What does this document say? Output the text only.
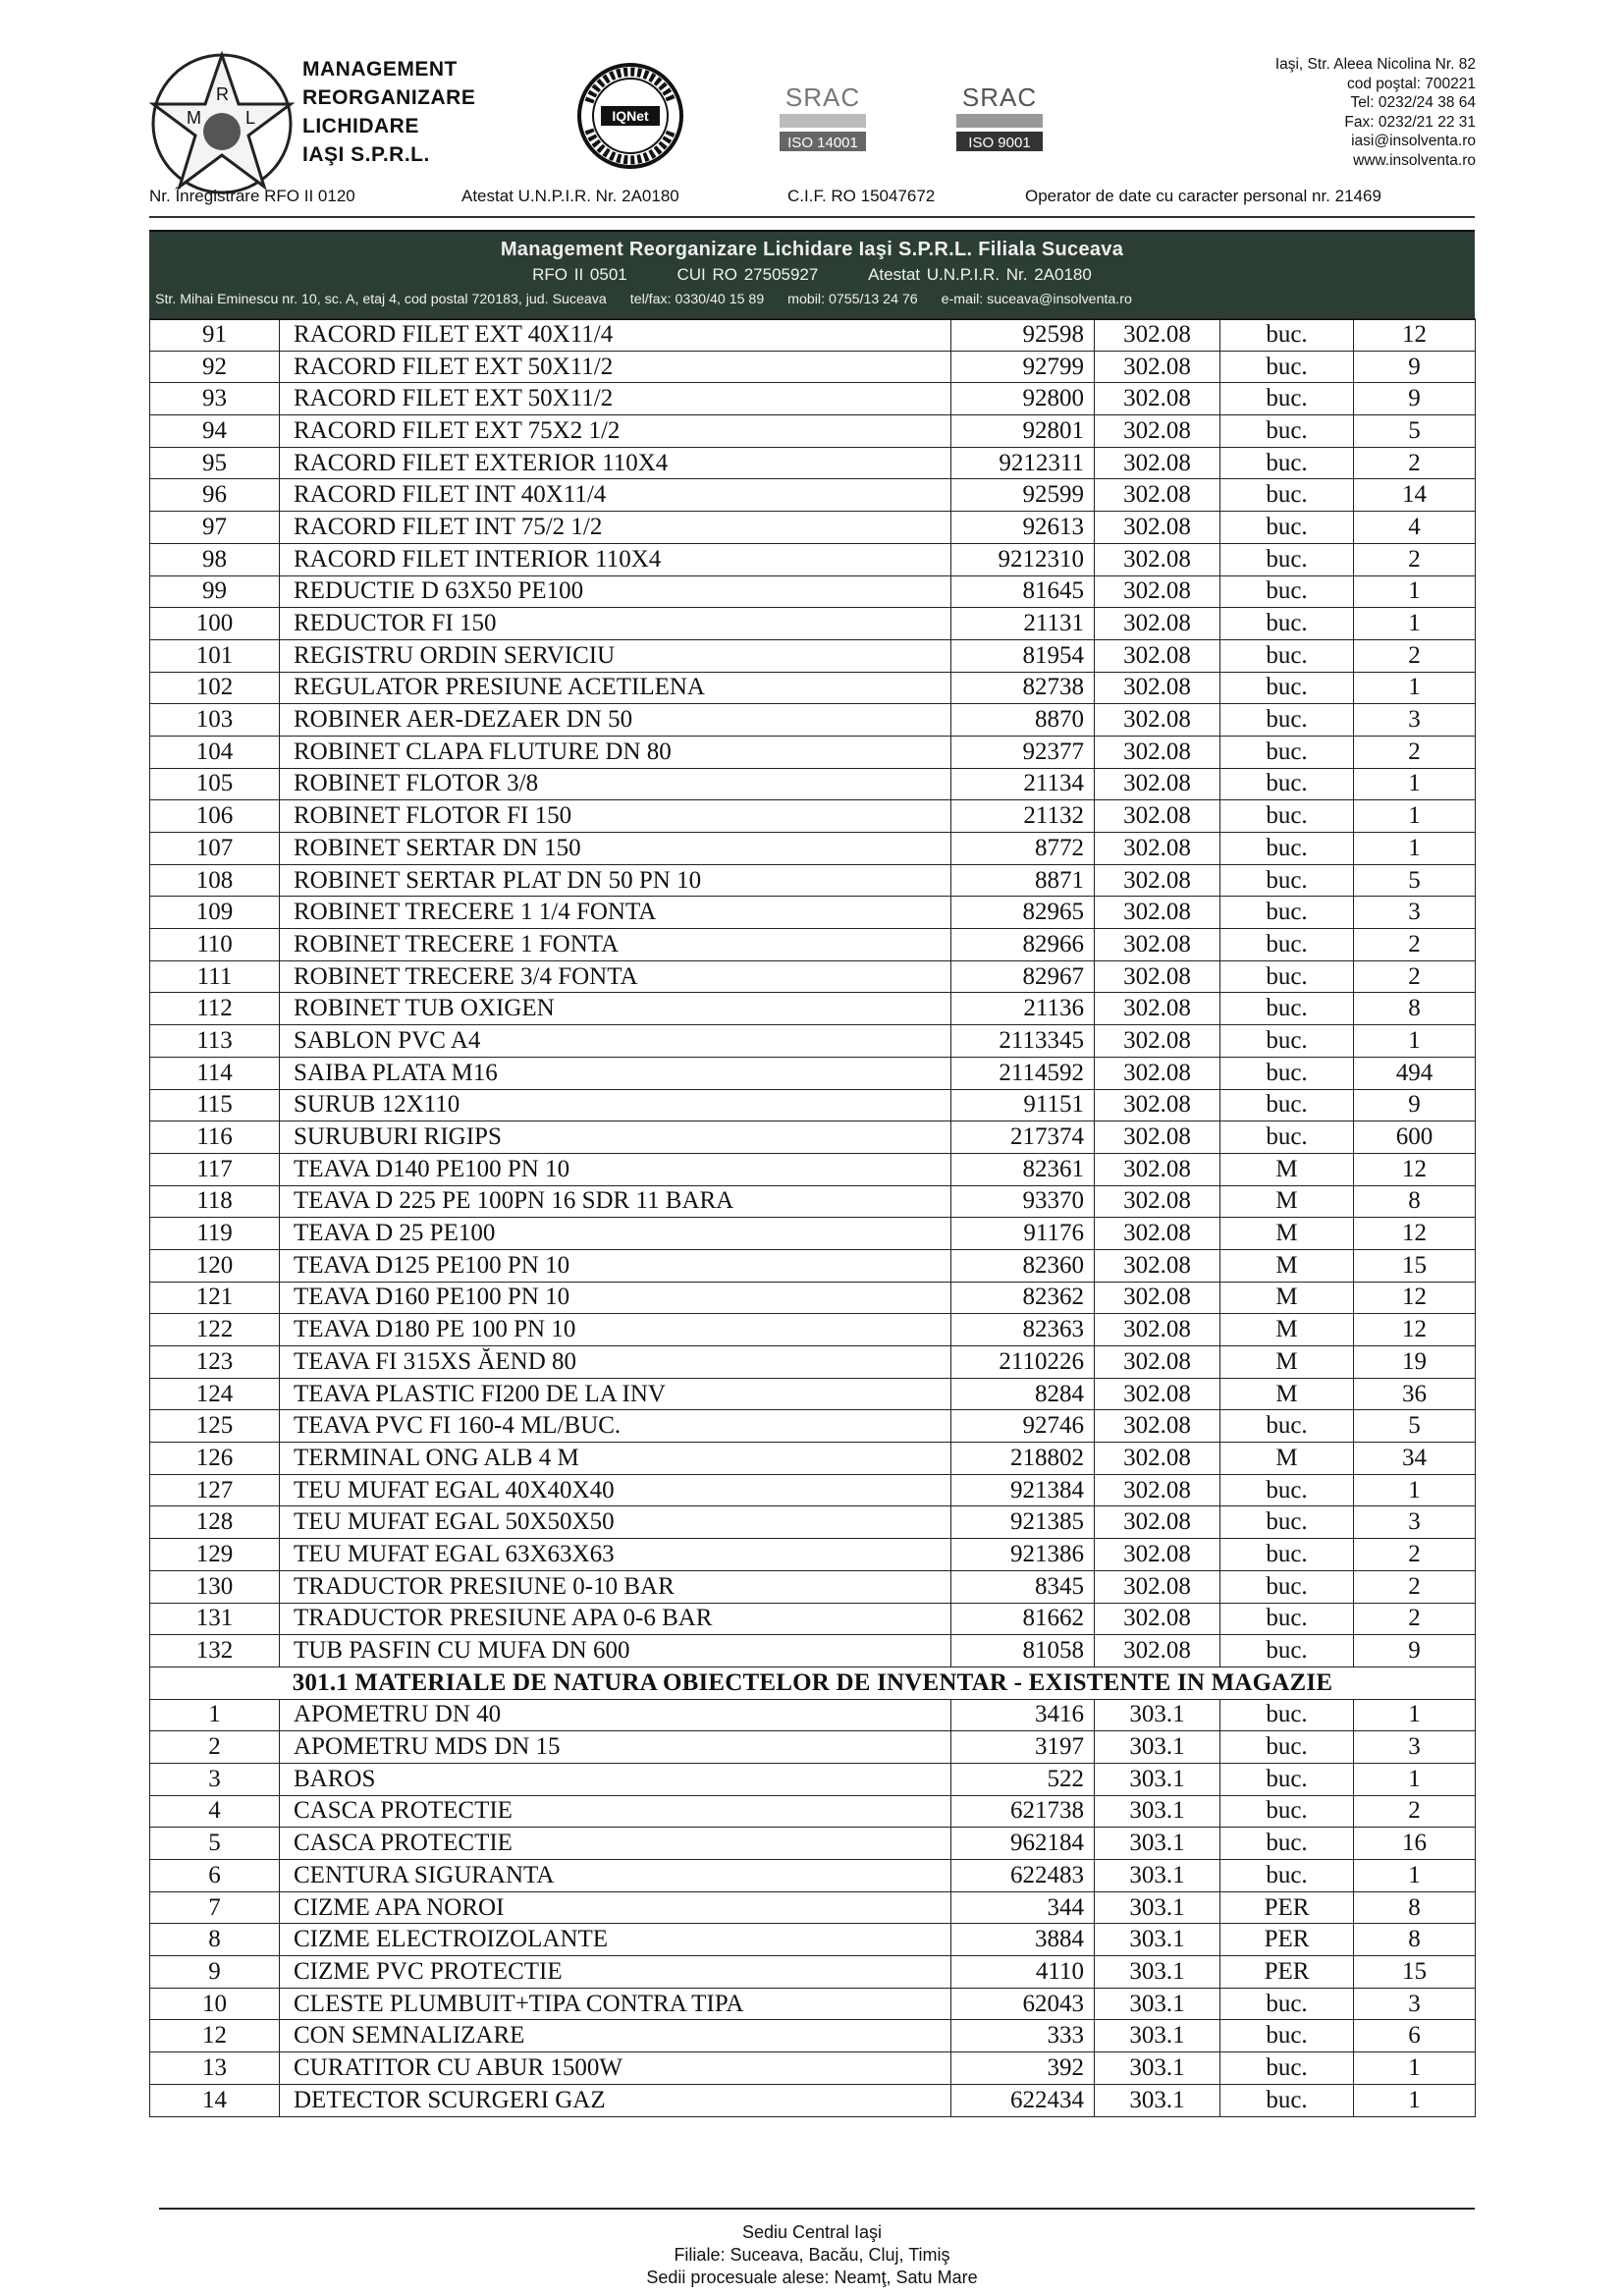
M
R
L
MANAGEMENT
REORGANIZARE
LICHIDARE
IAŞI S.P.R.L.
IQNet
SRAC
ISO 14001
SRAC
ISO 9001
Iaşi, Str. Aleea Nicolina Nr. 82
cod poştal: 700221
Tel: 0232/24 38 64
Fax: 0232/21 22 31
iasi@insolventa.ro
www.insolventa.ro
Nr. Înregistrare RFO II 0120	Atestat U.N.P.I.R. Nr. 2A0180	C.I.F. RO 15047672	Operator de date cu caracter personal nr. 21469
Management Reorganizare Lichidare Iaşi S.P.R.L. Filiala Suceava
RFO II 0501	CUI RO 27505927	Atestat U.N.P.I.R. Nr. 2A0180
Str. Mihai Eminescu nr. 10, sc. A, etaj 4, cod postal 720183, jud. Suceava tel/fax: 0330/40 15 89 mobil: 0755/13 24 76 e-mail: suceava@insolventa.ro
91	RACORD FILET EXT 40X11/4	92598	302.08	buc.	12
92	RACORD FILET EXT 50X11/2	92799	302.08	buc.	9
93	RACORD FILET EXT 50X11/2	92800	302.08	buc.	9
94	RACORD FILET EXT 75X2 1/2	92801	302.08	buc.	5
95	RACORD FILET EXTERIOR 110X4	9212311	302.08	buc.	2
96	RACORD FILET INT 40X11/4	92599	302.08	buc.	14
97	RACORD FILET INT 75/2 1/2	92613	302.08	buc.	4
98	RACORD FILET INTERIOR 110X4	9212310	302.08	buc.	2
99	REDUCTIE D 63X50 PE100	81645	302.08	buc.	1
100	REDUCTOR FI 150	21131	302.08	buc.	1
101	REGISTRU ORDIN SERVICIU	81954	302.08	buc.	2
102	REGULATOR PRESIUNE ACETILENA	82738	302.08	buc.	1
103	ROBINER AER-DEZAER DN 50	8870	302.08	buc.	3
104	ROBINET CLAPA FLUTURE DN 80	92377	302.08	buc.	2
105	ROBINET FLOTOR 3/8	21134	302.08	buc.	1
106	ROBINET FLOTOR FI 150	21132	302.08	buc.	1
107	ROBINET SERTAR DN 150	8772	302.08	buc.	1
108	ROBINET SERTAR PLAT DN 50 PN 10	8871	302.08	buc.	5
109	ROBINET TRECERE 1 1/4 FONTA	82965	302.08	buc.	3
110	ROBINET TRECERE 1 FONTA	82966	302.08	buc.	2
111	ROBINET TRECERE 3/4 FONTA	82967	302.08	buc.	2
112	ROBINET TUB OXIGEN	21136	302.08	buc.	8
113	SABLON PVC A4	2113345	302.08	buc.	1
114	SAIBA PLATA M16	2114592	302.08	buc.	494
115	SURUB 12X110	91151	302.08	buc.	9
116	SURUBURI RIGIPS	217374	302.08	buc.	600
117	TEAVA D140 PE100 PN 10	82361	302.08	M	12
118	TEAVA D 225 PE 100PN 16 SDR 11 BARA	93370	302.08	M	8
119	TEAVA D 25 PE100	91176	302.08	M	12
120	TEAVA D125 PE100 PN 10	82360	302.08	M	15
121	TEAVA D160 PE100 PN 10	82362	302.08	M	12
122	TEAVA D180 PE 100 PN 10	82363	302.08	M	12
123	TEAVA FI 315XS ĂEND 80	2110226	302.08	M	19
124	TEAVA PLASTIC FI200 DE LA INV	8284	302.08	M	36
125	TEAVA PVC FI 160-4 ML/BUC.	92746	302.08	buc.	5
126	TERMINAL ONG ALB 4 M	218802	302.08	M	34
127	TEU MUFAT EGAL 40X40X40	921384	302.08	buc.	1
128	TEU MUFAT EGAL 50X50X50	921385	302.08	buc.	3
129	TEU MUFAT EGAL 63X63X63	921386	302.08	buc.	2
130	TRADUCTOR PRESIUNE 0-10 BAR	8345	302.08	buc.	2
131	TRADUCTOR PRESIUNE APA 0-6 BAR	81662	302.08	buc.	2
132	TUB PASFIN CU MUFA DN 600	81058	302.08	buc.	9
301.1 MATERIALE DE NATURA OBIECTELOR DE INVENTAR - EXISTENTE IN MAGAZIE					
1	APOMETRU DN 40	3416	303.1	buc.	1
2	APOMETRU MDS DN 15	3197	303.1	buc.	3
3	BAROS	522	303.1	buc.	1
4	CASCA PROTECTIE	621738	303.1	buc.	2
5	CASCA PROTECTIE	962184	303.1	buc.	16
6	CENTURA SIGURANTA	622483	303.1	buc.	1
7	CIZME APA NOROI	344	303.1	PER	8
8	CIZME ELECTROIZOLANTE	3884	303.1	PER	8
9	CIZME PVC PROTECTIE	4110	303.1	PER	15
10	CLESTE PLUMBUIT+TIPA CONTRA TIPA	62043	303.1	buc.	3
12	CON SEMNALIZARE	333	303.1	buc.	6
13	CURATITOR CU ABUR 1500W	392	303.1	buc.	1
14	DETECTOR SCURGERI GAZ	622434	303.1	buc.	1
Sediu Central Iaşi
Filiale: Suceava, Bacău, Cluj, Timiş
Sedii procesuale alese: Neamţ, Satu Mare
